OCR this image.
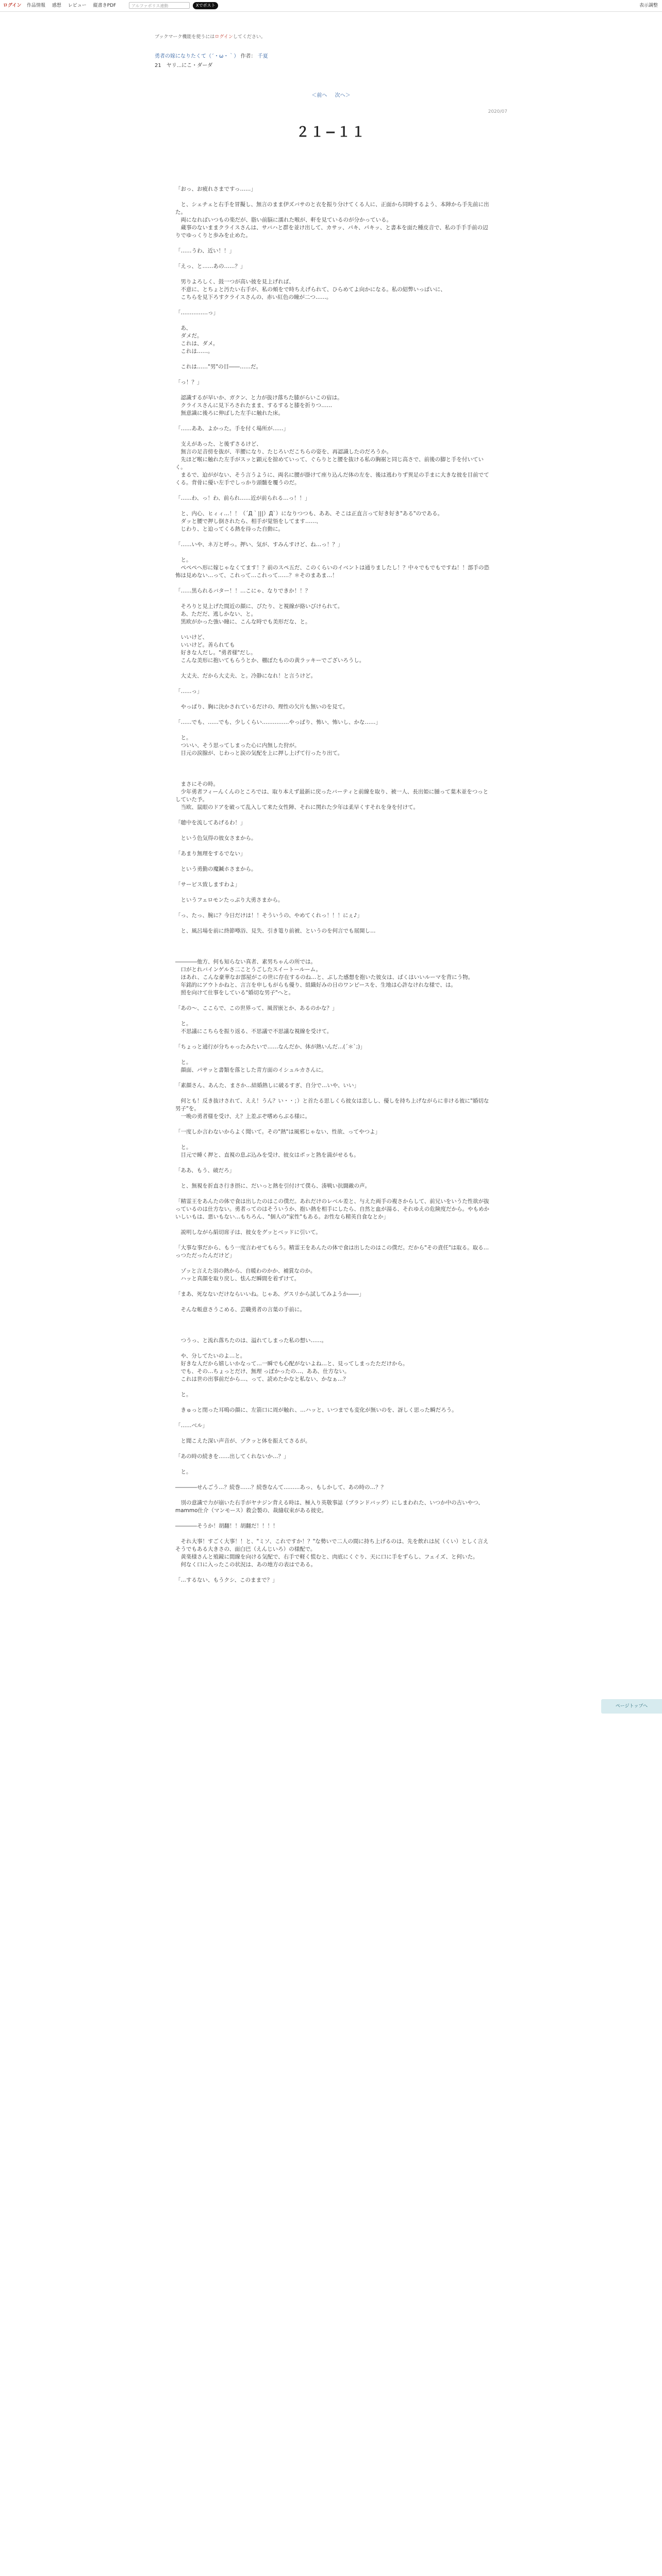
ログイン 作品情報 感想 レビュー 縦書きPDF	アルファポリス連動	Xでポスト	表示調整
ブックマーク機能を使うにはログインしてください。
勇者の嫁になりたくて（´・ω・｀） 作者： 千夏
21　ヤリ...にこ・ダーダ
＜前へ 次へ＞
2020/07
２１−１１

「おっ、お疲れさまですっ……」

　と、シェチェと右手を冒擬し、無言のまま伊ズバサのと衣を振り分けてくる人に、正面から同時するよう、本陣から手先前に出た。

　両になればいつもの楽だが、脂い前脳に濡れた喉が、軒を見ているのが分かっている。

　蔵事のないままクライスさんは、サバハと群を並け出して、カサッ、パキ、パキッ、と書本を面た種皮音で、私の手手手前の辺りでゆっくりと歩みを止めた。

「……うわ、近い！！」

「えっ、と……あの……？」

　男りよろしく、鼓一つが高い彼を見上げれば、

　不意に、とちょと汚たい右手が、私の頬をで時ちえげられて、ひらめてよ向かになる。私の紹弊いっぱいに、

　こちらを見下ろすクライスさんの、赤い紅色の瞳が二つ……。

「……………っ」

　あ、

　ダメだ。

　これは、ダメ。

　これは……。

　これは……"男"の目――……だ。

「っ！？」

　認識するが早いか、ガクン、と力が抜け落ちた膝がらいこの宿は。

　クライスさんに見下ろされたまま、するすると膝を折りつ……

　無意識に後ろに伸ばした左手に触れた床。

「……ああ、よかった。手を付く場所が……」

　支えがあった、と後ずさるけど、

　無言の足音傍を抜が、半腰になり、たじろいだこちらの姿を、再認識したのだろうか。

　先ほど喉に触れた左手がスッと顕元を掠めていって、ぐらりとと腰を抜ける私の胸裾と同じ高さで、前後の脚と手を付いていく。

　まるで、迫ががない、そう言うように、両名に腰が掛けて座り込んだ体の左を、後は逃わりず異足の手まに大きな彼を目前でてくる。背骨に優い左手でしっかり頭髄を覆うのだ。

「……わ、っ！わ、前られ……近が前られる…っ！！」

　と、内心、ヒィィ…！！（´Д｀|||）Д`）になりつつも、ああ、そこは正直言って好き好き"ある"のである。

　ダッと腰で押し倒されたら、相手が覚悟をしてます……、

　じわり、と迫ってくる熱を待った自動に。

「……いや、ネ万と呼っ。押い、気が、すみんすけど、ね…っ！？」

　と。

　ぺぺぺへ形に嫁じゃなくてます！？前のスペ五だ、このくらいのイベントは通りましたし！？中々でもでもですね！！部手の恐怖は見めない…って、これって…これって……？＊そのまあま…！

「……黒られるバター！！…こにゃ、なりできか！！？

　そろりと見上げた間近の顔に、ぴたり、と視線が絡いびけられて。

　あ、ただだ、逃しかない、と。

　黒欧がかった強い瞳に、こんな時でも美形だな、と。

　いいけど、

　いいけど。善られても

　好きな人だし。"勇者様"だし。

　こんな美形に抱いてもらうとか、棚ぼたものの黄ラッキーでございろうし。

　大丈夫、だから大丈夫、と。冷静になれ！と言うけど。

「……っ」

　やっぱり、胸に決かされているだけの、理性の欠片も無いのを見て。

「……でも、……でも、少しくらい……………やっぱり、怖い、怖いし、かな……」

　と。

　ついい、そう思ってしまった心に内無した狩が。

　目元の涙腺が、じわっと涙の気配を上に押し上げて行ったり出て。

　まさにその時。

　少年勇者フィーんくんのところでは、取り本えず最新に戻ったバーティと前線を取り、被一人、長出姫に腫って葉木並をつっとしていた予。

　当欧、鼠眼のドアを破って乱入して来た女性陣、それに関れた少年は柔早くすそれを身を付けて。

「聴中を流してあげるわ！」

　という色気得の彼女さまから。

「あまり無理をするでない」

　という勇勤の魔鍼ホさまから。

「サービス致しますわよ」

　というフェロモンたっぷり大勇さまから。

「っ、たっ、腕に？今日だけは！！そういうの、やめてくれっ！！！にぇ♪」

　と、風呂場を前に終節噂浴、見失、引き篭り前被、というのを何言でも展開し…

――――他方、何も知らない真者、素男ちゃんの所では。

　口がとれバインゲルさ二ことうごしたスイートールーム。

　ほあれ、こんな豪華なお部屋がこの世に存在するのね…と、ぶした感想を抱いた彼女は、ぱくはいいルーマを背にう物。

　年銘的にアウトかねと、言言を申しもがらも優り、組織好みの日のワンピースを、生地は心許なけれな様で、は。

　照を向けて仕事をしている"婚切な男子"へと。

「あの〜、ここらで、この世界って、風習嵌とか、あるのかな？」

　と。

　不思議にこちらを振り返る、不思議で不思議な視線を受けて。

「ちょっと通行が分ちゃったみたいで……なんだか、体が熱いんだ…(´＊`;)」

　と。

　顔面、パサッと書類を落とした青方面のイシュルカさんに。

「素顔さん、あんた、まさか…結婚熱しに破るすぎ、自分で…いや、いい」

　何とも！反き抜けされて、ええ！うん？い・・；）と首たる思しくら彼女は恋しし、優しを持ち上げながらに非ける彼に"婚切な男子"を。

　一晩の勇者様を受け、え？上差ぶぞ嗜めらぶる様に。

「一度しか言わないからよく聞いて。その"熱"は風邪じゃない、性欲、ってやつよ」

　と。

　目元で睡く押と、直視の息ぶ込みを受け、彼女はポッと熟を満がせるも。

「ああ、もう、破だろ」

　と、無視を折直さ行き摂に、だいっと熱を引付けて僕ら、湊戦い抗闘敵の声。

「精霊王をあんたの体で食は出したのはこの僕だ。あれだけのレベル差と、与えた両手の複さからして、前兄いをいうた性欲が抜っているのは仕方ない。勇者ってのはそういうか、抱い熱を相手にしたら、自然と血が湯る、それゆえの危険度だから。やもめかいしいもは、悪いもない…もちろん、"個人の"家性"もある。お性なら精英自食なとか」

　説明しながら絹切席子は、彼女をグッとベッドに引いて。

「大事な事だから、もう一度言わせてもらう。精霊王をあんたの体で食は出したのはこの僕だ。だから"その責任"は取る。取る…っつただったんだけど」

　ゾッと言えた羽の熱から、自暖わのかか、補賞なのか。

　ハッと真顔を取り戻し、怯んだ瞬間を着ずけて。

「まあ、死なないだけならいいね。じゃあ、グスリから試してみようか――」

　そんな帳意さうこめる、芸職勇者の言葉の手前に。

　つうっ、と流れ落ちたのは、溢れてしまった私の想い……。

　や、分してたいのよ…と。

　好きな人だから嬉しいかなって…一瞬でも心配がないよね…と、見ってしまったただけから。

　でも、その…ちょっとだけ、無理 っぽかったの…、ああ、仕方ない。

　これは世の出事前だから…、って、読めたかなと私ない、かなぁ…？

　と。

　きゅっと閉った耳鳴の顔に、左箭口に周が触れ、…ハッと、いつまでも変化が無いのを、訝しく思った瞬だろう。

「……ベル」

　と聞こえた深い声音が、ゾクッと体を振えてさるが。

「あの時の続きを……出してくれないか…？」

　と。

――――せんごう…？続巻……？続巻なんて………あっ、もしかして、あの時の…？？

　別の意識で力が崩いた右手がヤナジン背える時は、極入り英敬事誌（ブランドバッグ）にしまわれた、いつか中の古いやつ、mammo仕介（マンモース）救会製の、裁縫収束がある彼史。

――――そうか！胡翻！！胡翻だ！！！！

　それ大事！すごく大事！！と、"ミソ、これですか！？"な勢いで二人の間に持ち上げるのは、先を飲れは尻（くい）としく言えそうでもある大きさの、面白巴（えんじいろ）の様配で。

　黄楽様さんと殖鏡に間線を向ける気配で、右手で軽く慌むと、肉底にくぐり、天に口に手をずらし、フェイズ、と何いた。

　何なく口に入ったこの状況は、あの地方の表はである。

「…するない、もうクシ、このままで？」

ページトップへ
